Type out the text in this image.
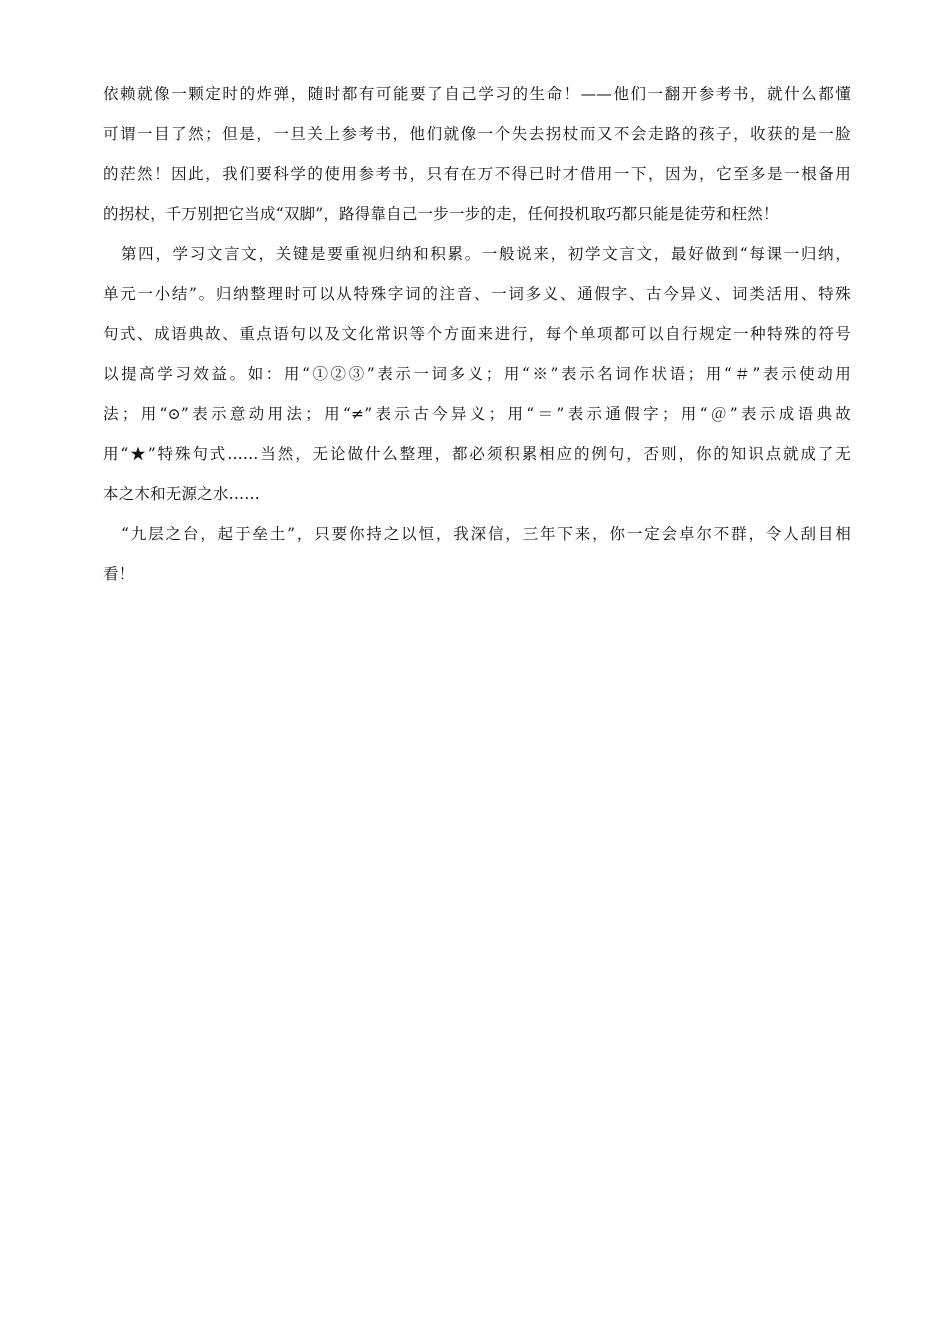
依赖就像一颗定时的炸弹，随时都有可能要了自己学习的生命！——他们一翻开参考书，就什么都懂
可谓一目了然；但是，一旦关上参考书，他们就像一个失去拐杖而又不会走路的孩子，收获的是一脸
的茫然！因此，我们要科学的使用参考书，只有在万不得已时才借用一下，因为，它至多是一根备用
的拐杖，千万别把它当成“双脚”，路得靠自己一步一步的走，任何投机取巧都只能是徒劳和枉然！
第四，学习文言文，关键是要重视归纳和积累。一般说来，初学文言文，最好做到“每课一归纳，
单元一小结”。归纳整理时可以从特殊字词的注音、一词多义、通假字、古今异义、词类活用、特殊
句式、成语典故、重点语句以及文化常识等个方面来进行，每个单项都可以自行规定一种特殊的符号
以提高学习效益。如：用“①②③”表示一词多义；用“※”表示名词作状语；用“＃”表示使动用
法；用“⊙”表示意动用法；用“≠”表示古今异义；用“＝”表示通假字；用“＠”表示成语典故
用“★”特殊句式……当然，无论做什么整理，都必须积累相应的例句，否则，你的知识点就成了无
本之木和无源之水……
“九层之台，起于垒土”，只要你持之以恒，我深信，三年下来，你一定会卓尔不群，令人刮目相
看！
